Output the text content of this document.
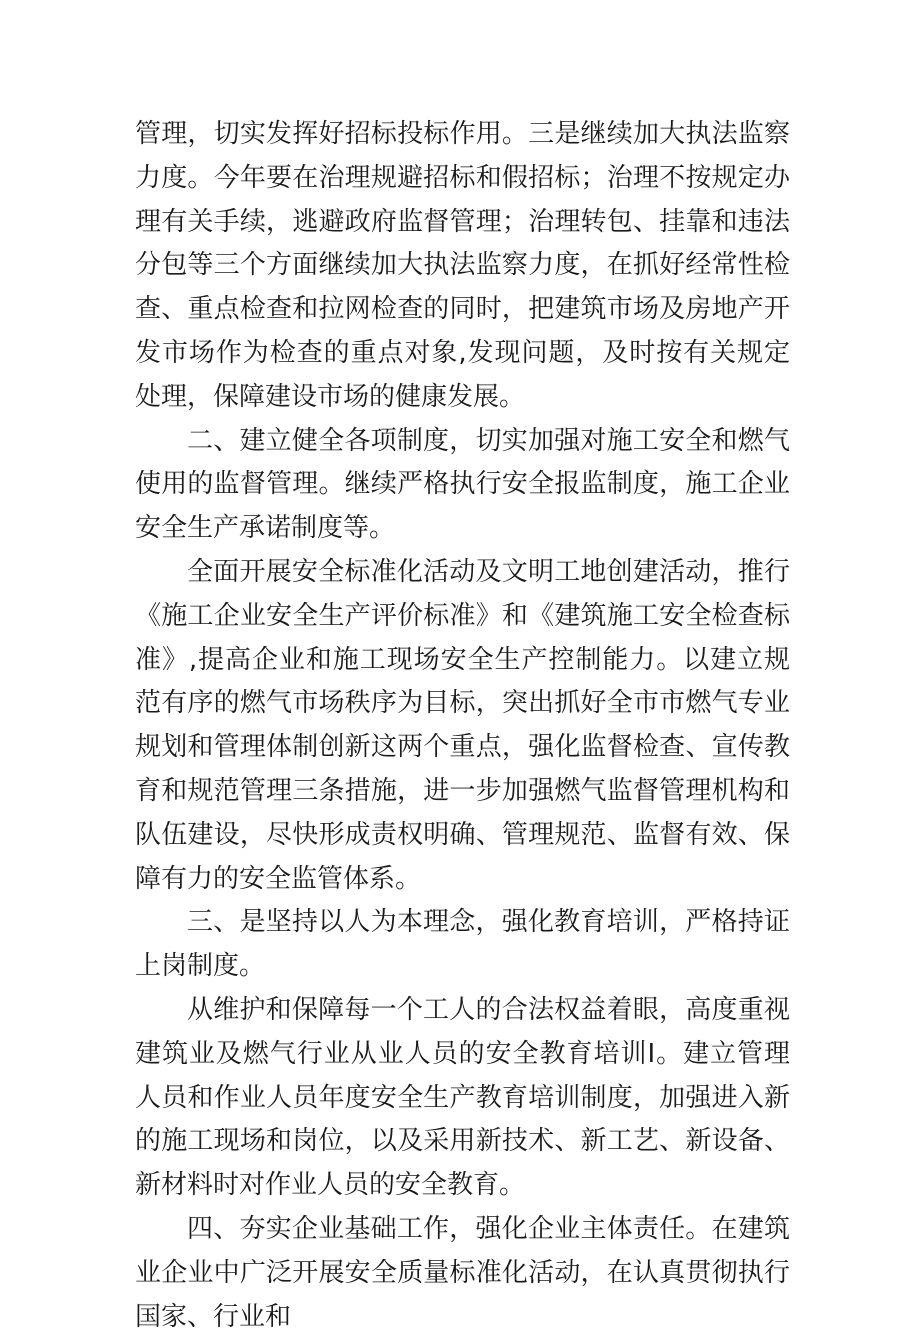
管理，切实发挥好招标投标作用。三是继续加大执法监察力度。今年要在治理规避招标和假招标；治理不按规定办理有关手续，逃避政府监督管理；治理转包、挂靠和违法分包等三个方面继续加大执法监察力度，在抓好经常性检查、重点检查和拉网检查的同时，把建筑市场及房地产开发市场作为检查的重点对象,发现问题，及时按有关规定处理，保障建设市场的健康发展。

二、建立健全各项制度，切实加强对施工安全和燃气使用的监督管理。继续严格执行安全报监制度，施工企业安全生产承诺制度等。

全面开展安全标准化活动及文明工地创建活动，推行《施工企业安全生产评价标准》和《建筑施工安全检查标准》,提高企业和施工现场安全生产控制能力。以建立规范有序的燃气市场秩序为目标，突出抓好全市市燃气专业规划和管理体制创新这两个重点，强化监督检查、宣传教育和规范管理三条措施，进一步加强燃气监督管理机构和队伍建设，尽快形成责权明确、管理规范、监督有效、保障有力的安全监管体系。

三、是坚持以人为本理念，强化教育培训，严格持证上岗制度。

从维护和保障每一个工人的合法权益着眼，高度重视建筑业及燃气行业从业人员的安全教育培训I。建立管理人员和作业人员年度安全生产教育培训制度，加强进入新的施工现场和岗位，以及采用新技术、新工艺、新设备、新材料时对作业人员的安全教育。

四、夯实企业基础工作，强化企业主体责任。在建筑业企业中广泛开展安全质量标准化活动，在认真贯彻执行国家、行业和
